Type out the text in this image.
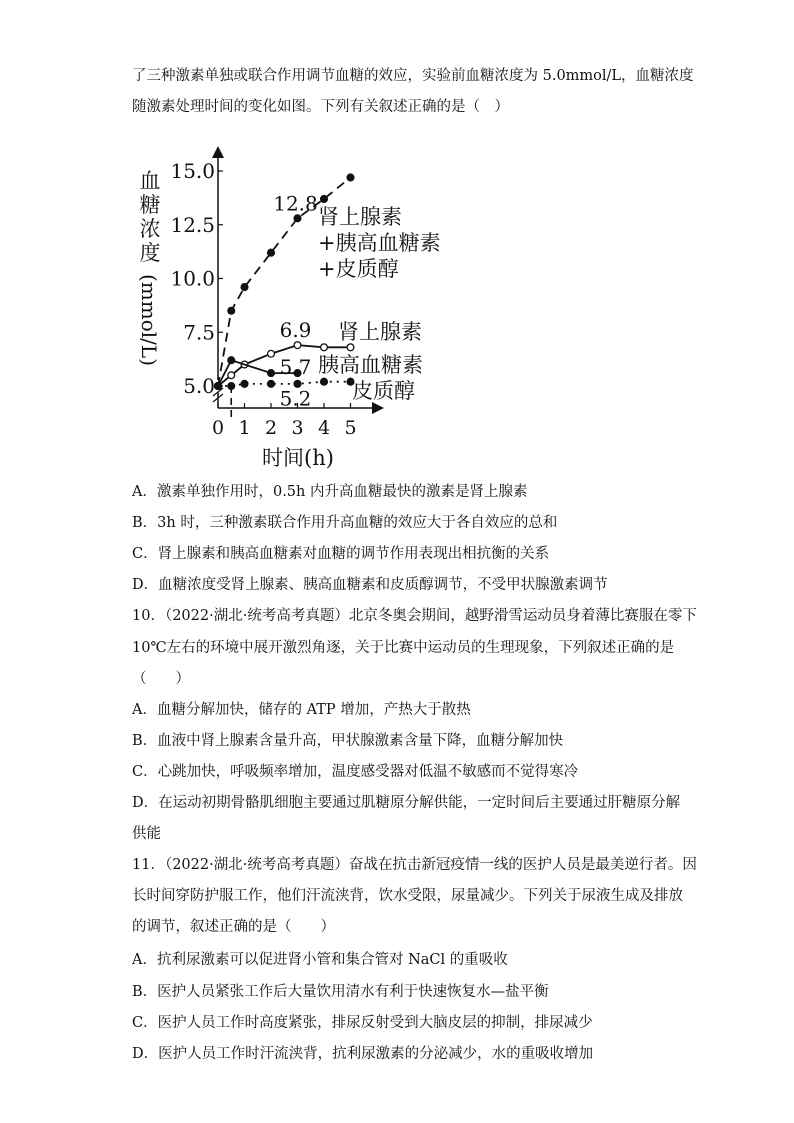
了三种激素单独或联合作用调节血糖的效应，实验前血糖浓度为 5.0mmol/L，血糖浓度
随激素处理时间的变化如图。下列有关叙述正确的是（　）
5.0
7.5
10.0
12.5
15.0
0 1 2 3 4 5
血
糖
浓
度
(mmol/L)
时间(h)
12.8
6.9
5.7
5.2
肾上腺素
+胰高血糖素
+皮质醇
肾上腺素
胰高血糖素
皮质醇
A．激素单独作用时，0.5h 内升高血糖最快的激素是肾上腺素
B．3h 时，三种激素联合作用升高血糖的效应大于各自效应的总和
C．肾上腺素和胰高血糖素对血糖的调节作用表现出相抗衡的关系
D．血糖浓度受肾上腺素、胰高血糖素和皮质醇调节，不受甲状腺激素调节
10．（2022·湖北·统考高考真题）北京冬奥会期间，越野滑雪运动员身着薄比赛服在零下
10℃左右的环境中展开激烈角逐，关于比赛中运动员的生理现象，下列叙述正确的是
（　　）
A．血糖分解加快，储存的 ATP 增加，产热大于散热
B．血液中肾上腺素含量升高，甲状腺激素含量下降，血糖分解加快
C．心跳加快，呼吸频率增加，温度感受器对低温不敏感而不觉得寒冷
D．在运动初期骨骼肌细胞主要通过肌糖原分解供能，一定时间后主要通过肝糖原分解
供能
11．（2022·湖北·统考高考真题）奋战在抗击新冠疫情一线的医护人员是最美逆行者。因
长时间穿防护服工作，他们汗流浃背，饮水受限，尿量减少。下列关于尿液生成及排放
的调节，叙述正确的是（　　）
A．抗利尿激素可以促进肾小管和集合管对 NaCl 的重吸收
B．医护人员紧张工作后大量饮用清水有利于快速恢复水—盐平衡
C．医护人员工作时高度紧张，排尿反射受到大脑皮层的抑制，排尿减少
D．医护人员工作时汗流浃背，抗利尿激素的分泌减少，水的重吸收增加
